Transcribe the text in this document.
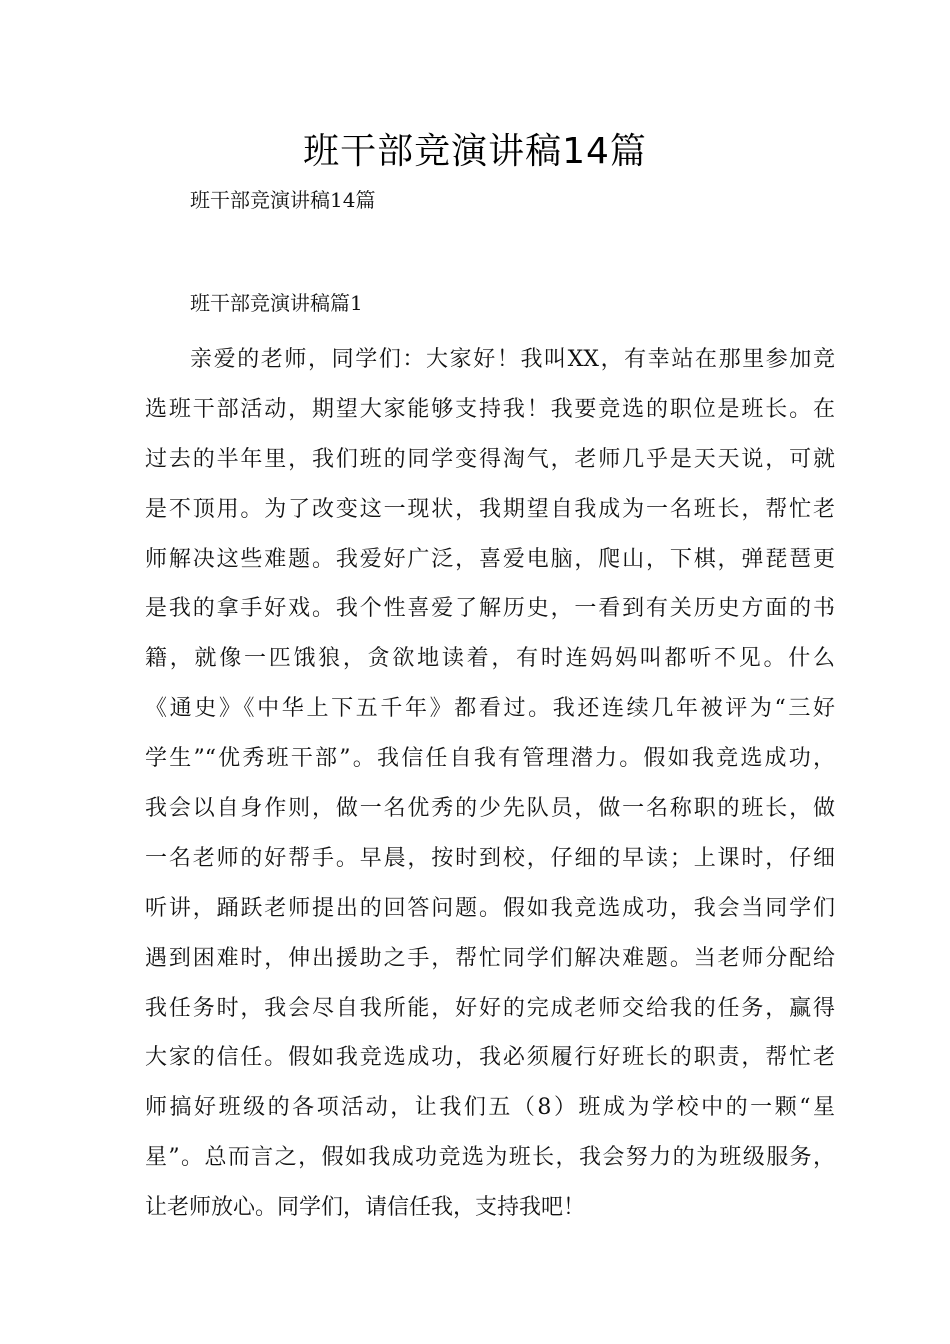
班干部竞演讲稿14篇

班干部竞演讲稿14篇

班干部竞演讲稿篇1

亲爱的老师，同学们：大家好！我叫XX，有幸站在那里参加竞
选班干部活动，期望大家能够支持我！我要竞选的职位是班长。在
过去的半年里，我们班的同学变得淘气，老师几乎是天天说，可就
是不顶用。为了改变这一现状，我期望自我成为一名班长，帮忙老
师解决这些难题。我爱好广泛，喜爱电脑，爬山，下棋，弹琵琶更
是我的拿手好戏。我个性喜爱了解历史，一看到有关历史方面的书
籍，就像一匹饿狼，贪欲地读着，有时连妈妈叫都听不见。什么
《通史》《中华上下五千年》都看过。我还连续几年被评为“三好
学生”“优秀班干部”。我信任自我有管理潜力。假如我竞选成功，
我会以自身作则，做一名优秀的少先队员，做一名称职的班长，做
一名老师的好帮手。早晨，按时到校，仔细的早读；上课时，仔细
听讲，踊跃老师提出的回答问题。假如我竞选成功，我会当同学们
遇到困难时，伸出援助之手，帮忙同学们解决难题。当老师分配给
我任务时，我会尽自我所能，好好的完成老师交给我的任务，赢得
大家的信任。假如我竞选成功，我必须履行好班长的职责，帮忙老
师搞好班级的各项活动，让我们五（8）班成为学校中的一颗“星
星”。总而言之，假如我成功竞选为班长，我会努力的为班级服务，
让老师放心。同学们，请信任我，支持我吧！
